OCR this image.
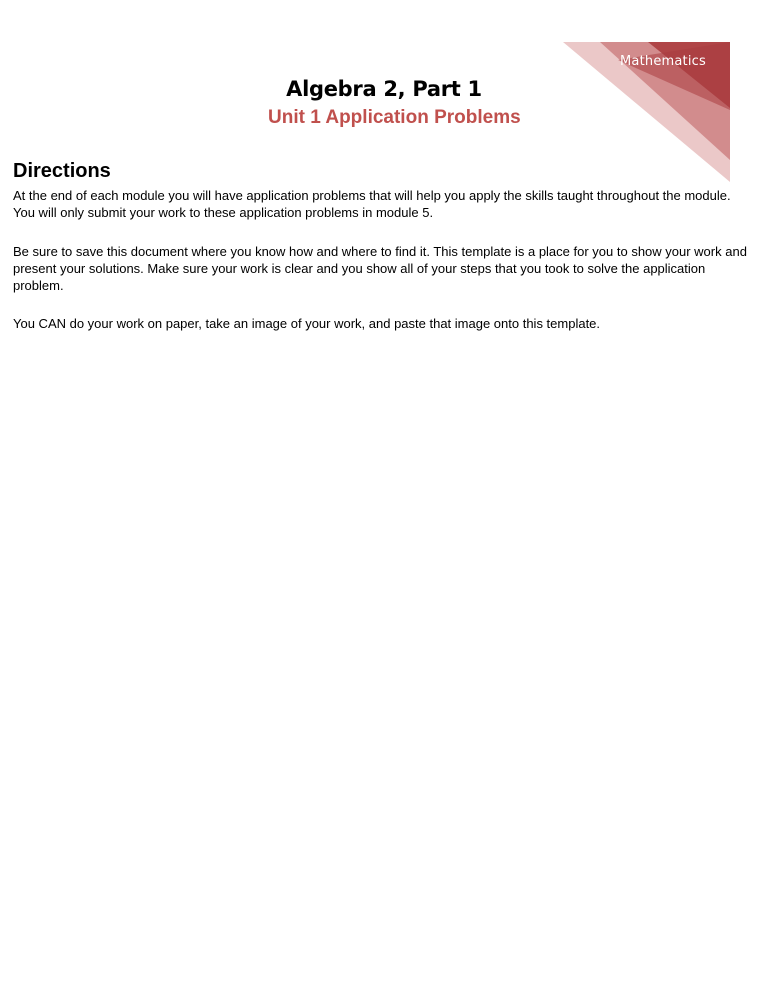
Mathematics
Algebra 2, Part 1
Unit 1 Application Problems
Directions

At the end of each module you will have application problems that will help you apply the skills taught throughout the module. You will only submit your work to these application problems in module 5.

Be sure to save this document where you know how and where to find it. This template is a place for you to show your work and present your solutions. Make sure your work is clear and you show all of your steps that you took to solve the application problem.

You CAN do your work on paper, take an image of your work, and paste that image onto this template.
